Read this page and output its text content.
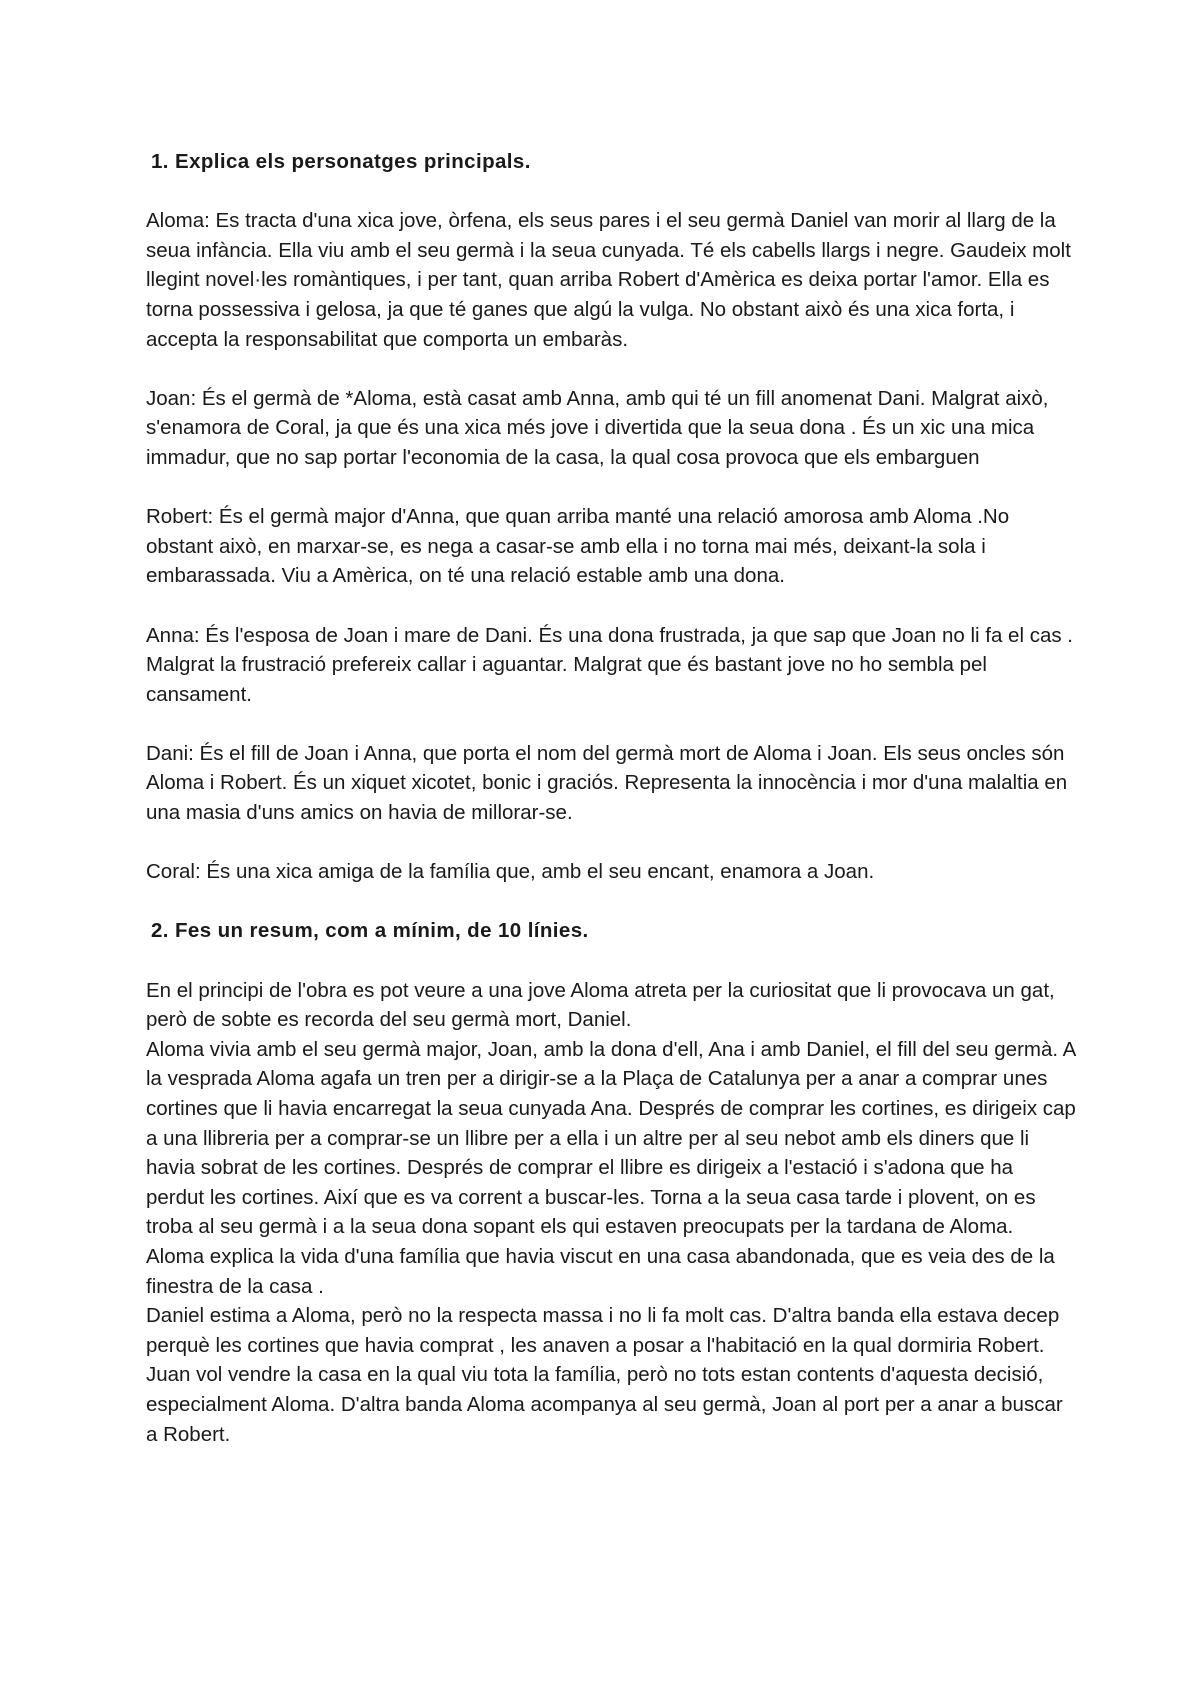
1. Explica els personatges principals.

Aloma: Es tracta d'una xica jove, òrfena, els seus pares i el seu germà Daniel van morir al llarg de la seua infància. Ella viu amb el seu germà i la seua cunyada. Té els cabells llargs i negre. Gaudeix molt llegint novel·les romàntiques, i per tant, quan arriba Robert d'Amèrica es deixa portar l'amor. Ella es torna possessiva i gelosa, ja que té ganes que algú la vulga. No obstant això és una xica forta, i accepta la responsabilitat que comporta un embaràs.

Joan: És el germà de *Aloma, està casat amb Anna, amb qui té un fill anomenat Dani. Malgrat això, s'enamora de Coral, ja que és una xica més jove i divertida que la seua dona . És un xic una mica immadur, que no sap portar l'economia de la casa, la qual cosa provoca que els embarguen

Robert: És el germà major d'Anna, que quan arriba manté una relació amorosa amb Aloma .No obstant això, en marxar-se, es nega a casar-se amb ella i no torna mai més, deixant-la sola i embarassada. Viu a Amèrica, on té una relació estable amb una dona.

Anna: És l'esposa de Joan i mare de Dani. És una dona frustrada, ja que sap que Joan no li fa el cas . Malgrat la frustració prefereix callar i aguantar. Malgrat que és bastant jove no ho sembla pel cansament.

Dani: És el fill de Joan i Anna, que porta el nom del germà mort de Aloma i Joan. Els seus oncles són Aloma i Robert. És un xiquet xicotet, bonic i graciós. Representa la innocència i mor d'una malaltia en una masia d'uns amics on havia de millorar-se.

Coral: És una xica amiga de la família que, amb el seu encant, enamora a Joan.

2. Fes un resum, com a mínim, de 10 línies.

En el principi de l'obra es pot veure a una jove Aloma atreta per la curiositat que li provocava un gat, però de sobte es recorda del seu germà mort, Daniel.

Aloma vivia amb el seu germà major, Joan, amb la dona d'ell, Ana i amb Daniel, el fill del seu germà. A la vesprada Aloma agafa un tren per a dirigir-se a la Plaça de Catalunya per a anar a comprar unes cortines que li havia encarregat la seua cunyada Ana. Després de comprar les cortines, es dirigeix cap a una llibreria per a comprar-se un llibre per a ella i un altre per al seu nebot amb els diners que li havia sobrat de les cortines. Després de comprar el llibre es dirigeix a l'estació i s'adona que ha perdut les cortines. Així que es va corrent a buscar-les. Torna a la seua casa tarde i plovent, on es troba al seu germà i a la seua dona sopant els qui estaven preocupats per la tardana de Aloma.

Aloma explica la vida d'una família que havia viscut en una casa abandonada, que es veia des de la finestra de la casa .

Daniel estima a Aloma, però no la respecta massa i no li fa molt cas. D'altra banda ella estava decep perquè les cortines que havia comprat , les anaven a posar a l'habitació en la qual dormiria Robert.

Juan vol vendre la casa en la qual viu tota la família, però no tots estan contents d'aquesta decisió, especialment Aloma. D'altra banda Aloma acompanya al seu germà, Joan al port per a anar a buscar a Robert.
